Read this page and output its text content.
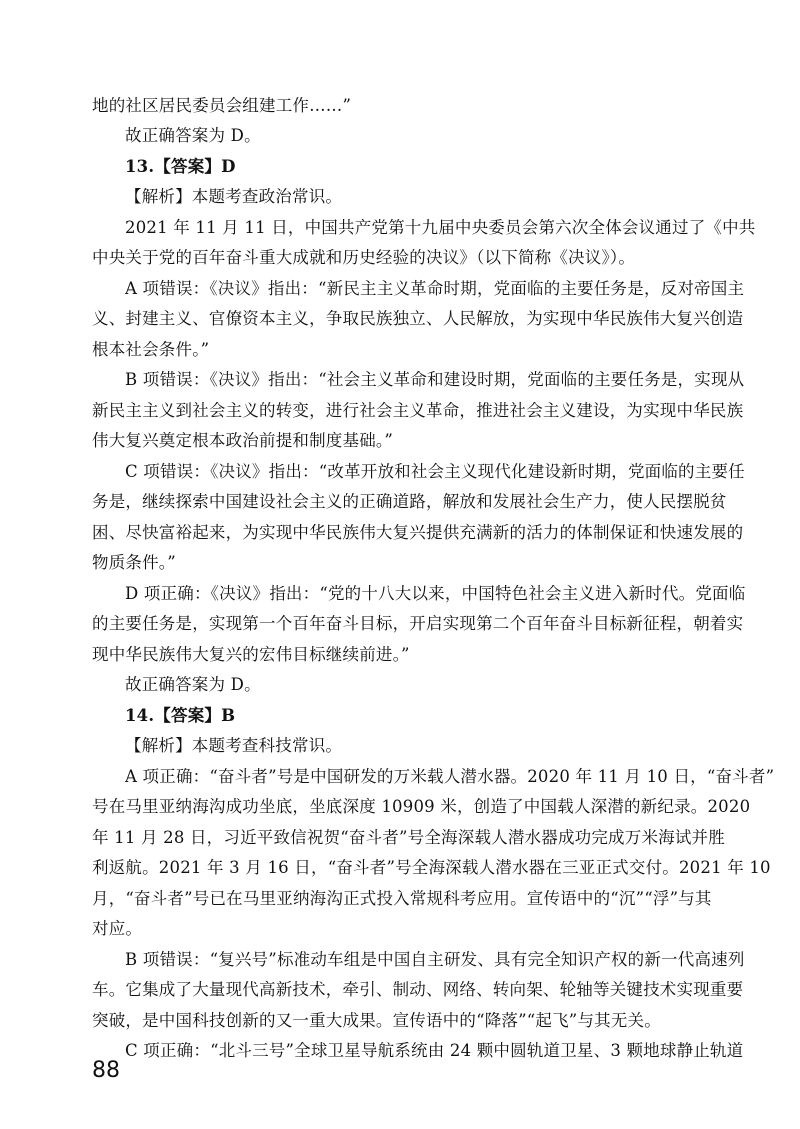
地的社区居民委员会组建工作……”
故正确答案为 D。
13.【答案】D
【解析】本题考查政治常识。
2021 年 11 月 11 日，中国共产党第十九届中央委员会第六次全体会议通过了《中共
中央关于党的百年奋斗重大成就和历史经验的决议》（以下简称《决议》）。
A 项错误：《决议》指出：“新民主主义革命时期，党面临的主要任务是，反对帝国主
义、封建主义、官僚资本主义，争取民族独立、人民解放，为实现中华民族伟大复兴创造
根本社会条件。”
B 项错误：《决议》指出：“社会主义革命和建设时期，党面临的主要任务是，实现从
新民主主义到社会主义的转变，进行社会主义革命，推进社会主义建设，为实现中华民族
伟大复兴奠定根本政治前提和制度基础。”
C 项错误：《决议》指出：“改革开放和社会主义现代化建设新时期，党面临的主要任
务是，继续探索中国建设社会主义的正确道路，解放和发展社会生产力，使人民摆脱贫
困、尽快富裕起来，为实现中华民族伟大复兴提供充满新的活力的体制保证和快速发展的
物质条件。”
D 项正确：《决议》指出：“党的十八大以来，中国特色社会主义进入新时代。党面临
的主要任务是，实现第一个百年奋斗目标，开启实现第二个百年奋斗目标新征程，朝着实
现中华民族伟大复兴的宏伟目标继续前进。”
故正确答案为 D。
14.【答案】B
【解析】本题考查科技常识。
A 项正确：“奋斗者”号是中国研发的万米载人潜水器。2020 年 11 月 10 日，“奋斗者”
号在马里亚纳海沟成功坐底，坐底深度 10909 米，创造了中国载人深潜的新纪录。2020
年 11 月 28 日，习近平致信祝贺“奋斗者”号全海深载人潜水器成功完成万米海试并胜
利返航。2021 年 3 月 16 日，“奋斗者”号全海深载人潜水器在三亚正式交付。2021 年 10
月，“奋斗者”号已在马里亚纳海沟正式投入常规科考应用。宣传语中的“沉”“浮”与其
对应。
B 项错误：“复兴号”标准动车组是中国自主研发、具有完全知识产权的新一代高速列
车。它集成了大量现代高新技术，牵引、制动、网络、转向架、轮轴等关键技术实现重要
突破，是中国科技创新的又一重大成果。宣传语中的“降落”“起飞”与其无关。
C 项正确：“北斗三号”全球卫星导航系统由 24 颗中圆轨道卫星、3 颗地球静止轨道
88
